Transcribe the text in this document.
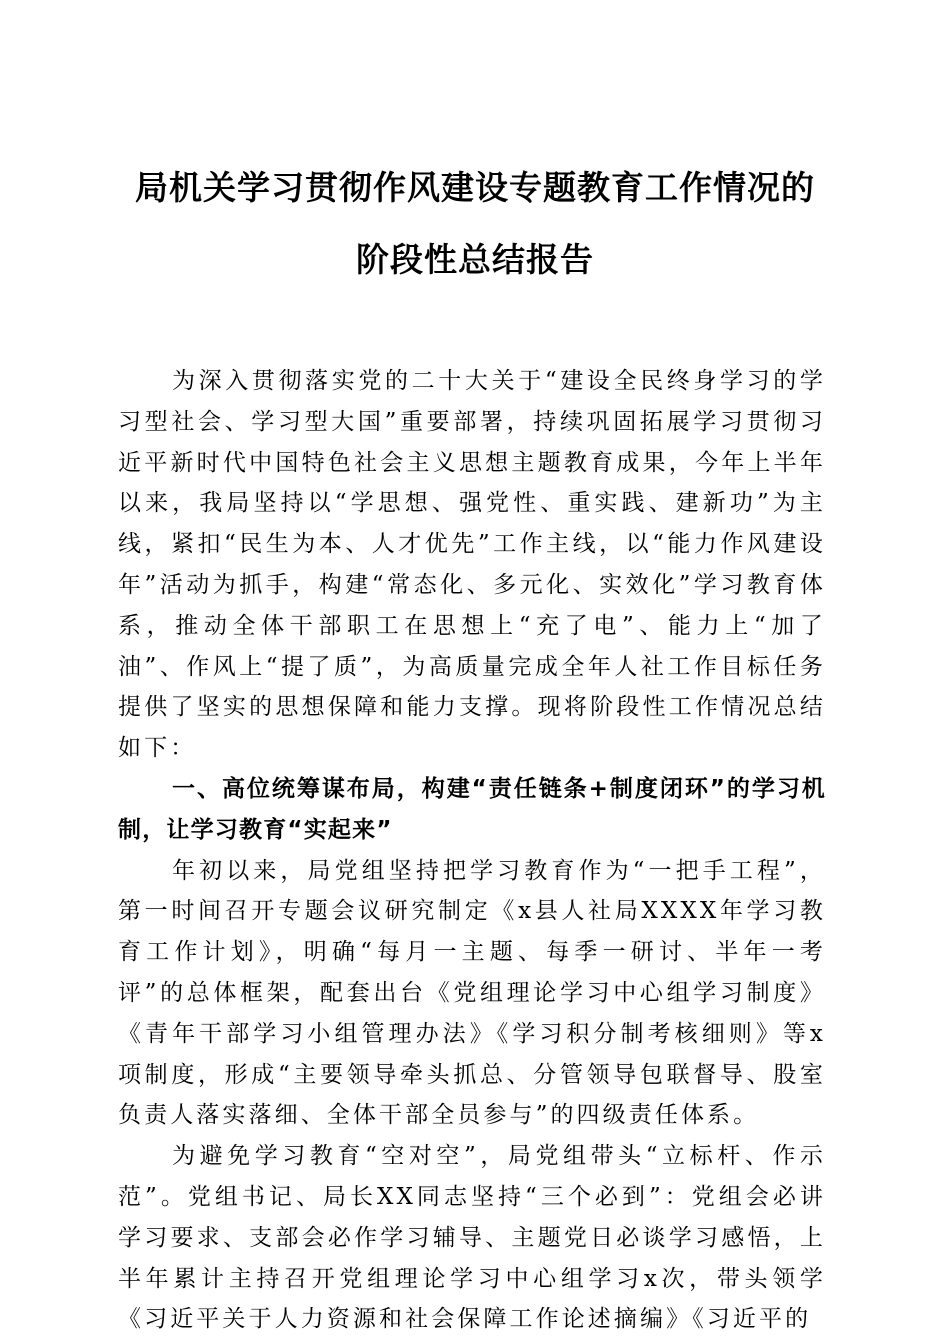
局机关学习贯彻作风建设专题教育工作情况的
阶段性总结报告

为深入贯彻落实党的二十大关于“建设全民终身学习的学习型社会、学习型大国”重要部署，持续巩固拓展学习贯彻习近平新时代中国特色社会主义思想主题教育成果，今年上半年以来，我局坚持以“学思想、强党性、重实践、建新功”为主线，紧扣“民生为本、人才优先”工作主线，以“能力作风建设年”活动为抓手，构建“常态化、多元化、实效化”学习教育体系，推动全体干部职工在思想上“充了电”、能力上“加了油”、作风上“提了质”，为高质量完成全年人社工作目标任务提供了坚实的思想保障和能力支撑。现将阶段性工作情况总结如下：

一、高位统筹谋布局，构建“责任链条+制度闭环”的学习机制，让学习教育“实起来”

年初以来，局党组坚持把学习教育作为“一把手工程”，第一时间召开专题会议研究制定《x县人社局XXXX年学习教育工作计划》，明确“每月一主题、每季一研讨、半年一考评”的总体框架，配套出台《党组理论学习中心组学习制度》《青年干部学习小组管理办法》《学习积分制考核细则》等x项制度，形成“主要领导牵头抓总、分管领导包联督导、股室负责人落实落细、全体干部全员参与”的四级责任体系。

为避免学习教育“空对空”，局党组带头“立标杆、作示范”。党组书记、局长XX同志坚持“三个必到”：党组会必讲学习要求、支部会必作学习辅导、主题党日必谈学习感悟，上半年累计主持召开党组理论学习中心组学习x次，带头领学《习近平关于人力资源和社会保障工作论述摘编》《习近平的
